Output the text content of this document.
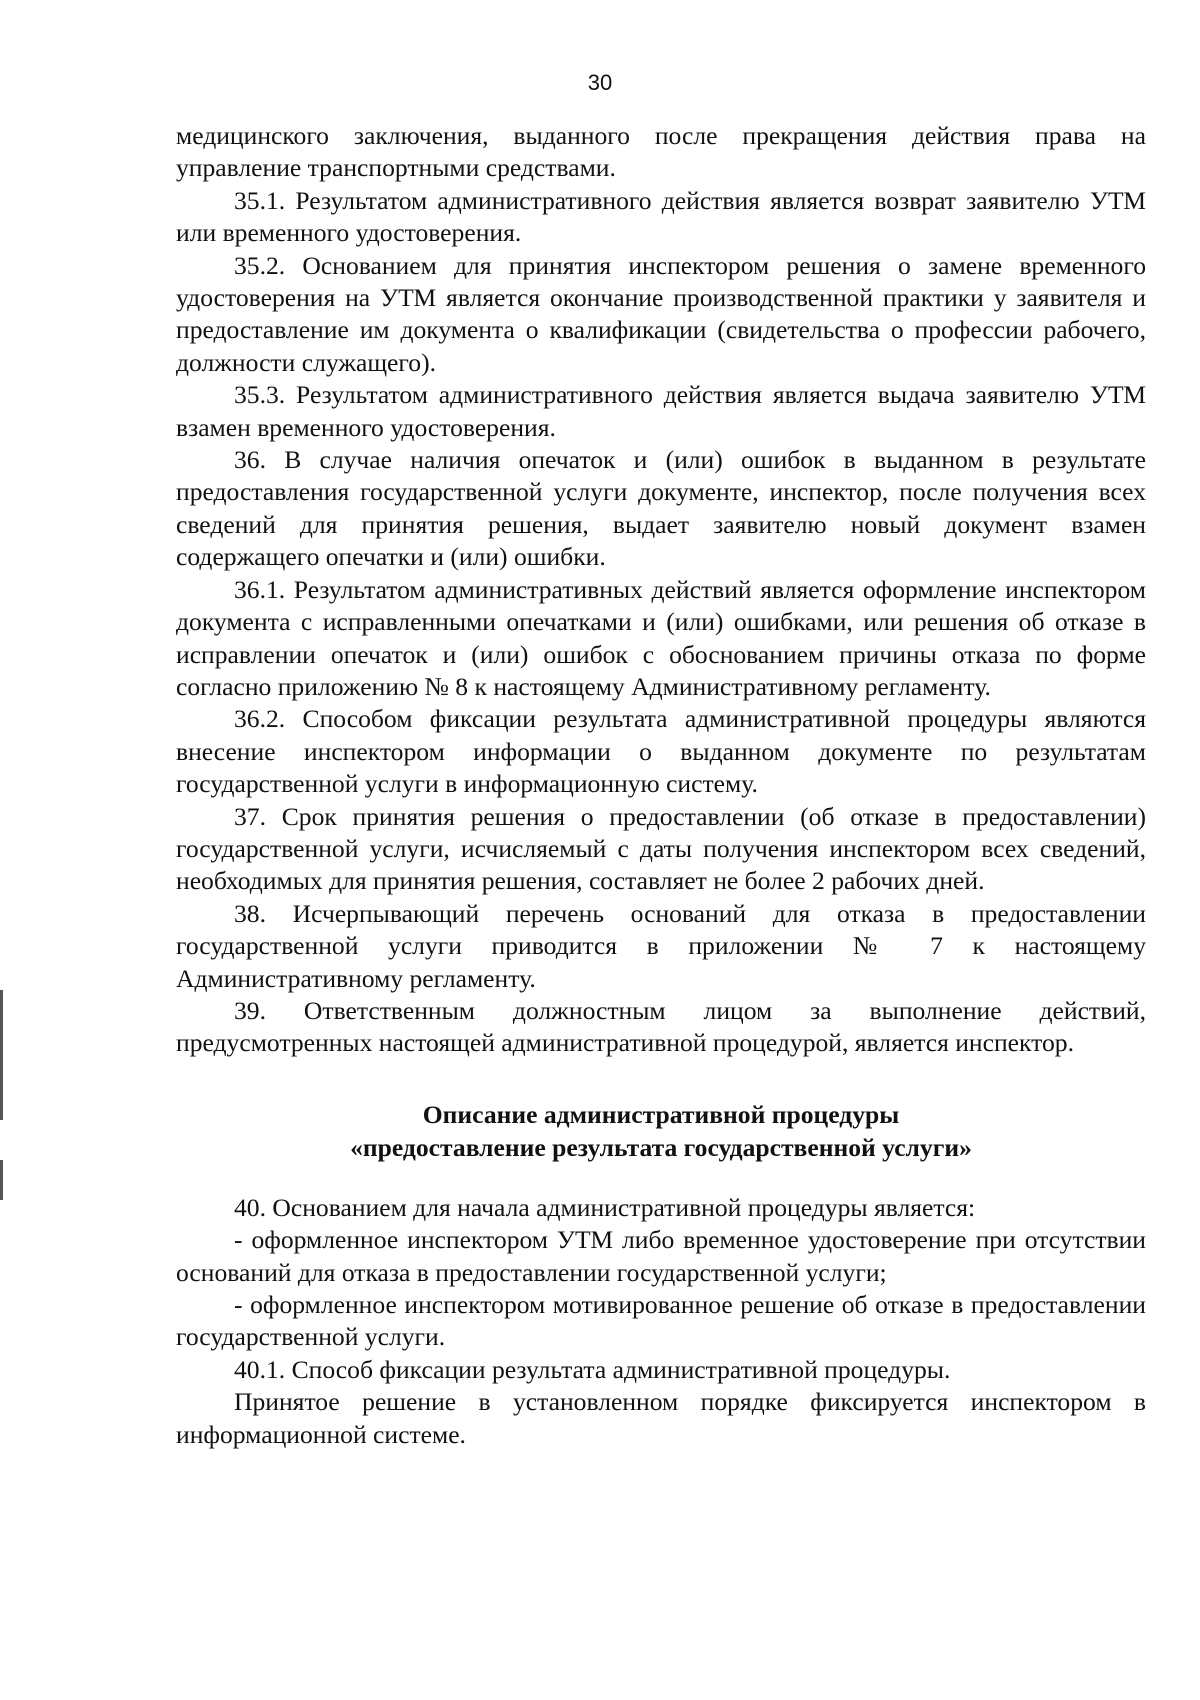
30

медицинского заключения, выданного после прекращения действия права на управление транспортными средствами.

35.1. Результатом административного действия является возврат заявителю УТМ или временного удостоверения.

35.2. Основанием для принятия инспектором решения о замене временного удостоверения на УТМ является окончание производственной практики у заявителя и предоставление им документа о квалификации (свидетельства о профессии рабочего, должности служащего).

35.3. Результатом административного действия является выдача заявителю УТМ взамен временного удостоверения.

36. В случае наличия опечаток и (или) ошибок в выданном в результате предоставления государственной услуги документе, инспектор, после получения всех сведений для принятия решения, выдает заявителю новый документ взамен содержащего опечатки и (или) ошибки.

36.1. Результатом административных действий является оформление инспектором документа с исправленными опечатками и (или) ошибками, или решения об отказе в исправлении опечаток и (или) ошибок с обоснованием причины отказа по форме согласно приложению № 8 к настоящему Административному регламенту.

36.2. Способом фиксации результата административной процедуры являются внесение инспектором информации о выданном документе по результатам государственной услуги в информационную систему.

37. Срок принятия решения о предоставлении (об отказе в предоставлении) государственной услуги, исчисляемый с даты получения инспектором всех сведений, необходимых для принятия решения, составляет не более 2 рабочих дней.

38. Исчерпывающий перечень оснований для отказа в предоставлении государственной услуги приводится в приложении № 7 к настоящему Административному регламенту.

39. Ответственным должностным лицом за выполнение действий, предусмотренных настоящей административной процедурой, является инспектор.

Описание административной процедуры
«предоставление результата государственной услуги»

40. Основанием для начала административной процедуры является:

- оформленное инспектором УТМ либо временное удостоверение при отсутствии оснований для отказа в предоставлении государственной услуги;

- оформленное инспектором мотивированное решение об отказе в предоставлении государственной услуги.

40.1. Способ фиксации результата административной процедуры.

Принятое решение в установленном порядке фиксируется инспектором в информационной системе.
